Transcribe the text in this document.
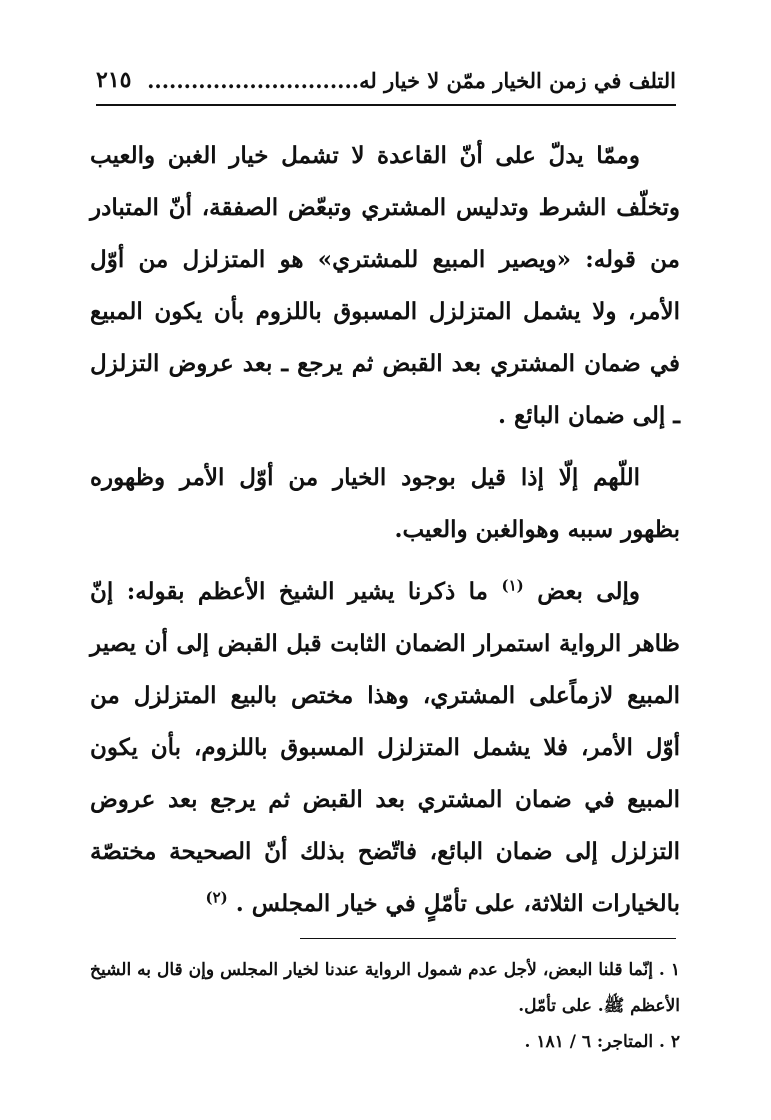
التلف في زمن الخيار ممّن لا خيار له.............................
٢١٥

وممّا يدلّ على أنّ القاعدة لا تشمل خيار الغبن والعيب وتخلّف الشرط وتدليس المشتري وتبعّض الصفقة، أنّ المتبادر من قوله: «ويصير المبيع للمشتري» هو المتزلزل من أوّل الأمر، ولا يشمل المتزلزل المسبوق باللزوم بأن يكون المبيع في ضمان المشتري بعد القبض ثم يرجع ـ بعد عروض التزلزل ـ إلى ضمان البائع .

اللّهم إلّا إذا قيل بوجود الخيار من أوّل الأمر وظهوره بظهور سببه وهوالغبن والعيب.

وإلى بعض $^{(١)}$ ما ذكرنا يشير الشيخ الأعظم بقوله: إنّ ظاهر الرواية استمرار الضمان الثابت قبل القبض إلى أن يصير المبيع لازماًعلى المشتري، وهذا مختص بالبيع المتزلزل من أوّل الأمر، فلا يشمل المتزلزل المسبوق باللزوم، بأن يكون المبيع في ضمان المشتري بعد القبض ثم يرجع بعد عروض التزلزل إلى ضمان البائع، فاتّضح بذلك أنّ الصحيحة مختصّة بالخيارات الثلاثة، على تأمّلٍ في خيار المجلس . $^{(٢)}$

١ . إنّما قلنا البعض، لأجل عدم شمول الرواية عندنا لخيار المجلس وإن قال به الشيخ الأعظم ﷺ. على تأمّل.

٢ . المتاجر: ٦ / ١٨١ .
